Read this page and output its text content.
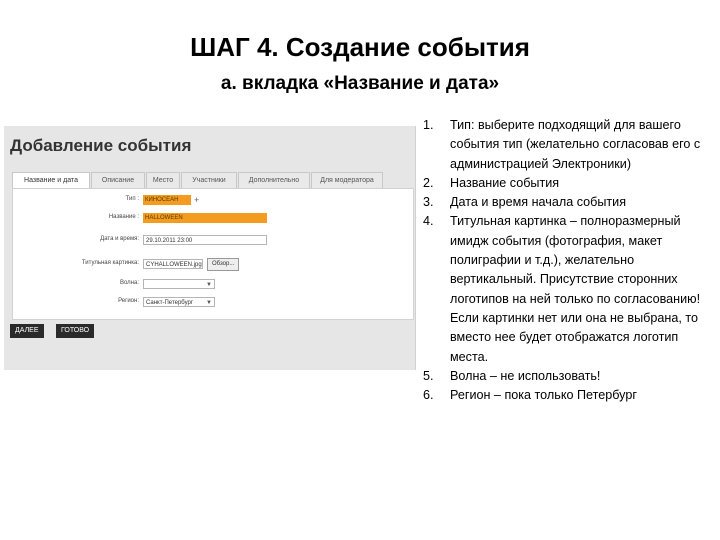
ШАГ 4. Создание события
а. вкладка «Название и дата»
Добавление события
Название и дата	Описание	Место	Участники	Дополнительно	Для модератора
Тип :	КИНОСЕАН	+
Название :	HALLOWEEN
Дата и время:	29.10.2011 23:00
Титульная картинка:	CYHALLOWEEN.jpg	Обзор...
Волна:	▼
Регион:	Санкт-Петербург ▼
ДАЛЕЕ	ГОТОВО
1. Тип: выберите подходящий для вашего события тип (желательно согласовав его с администрацией Электроники)
2. Название события
3. Дата и время начала события
4. Титульная картинка – полноразмерный имидж события (фотография, макет полиграфии и т.д.), желательно вертикальный. Присутствие сторонних логотипов на ней только по согласованию! Если картинки нет или она не выбрана, то вместо нее будет отображатся логотип места.
5. Волна – не использовать!
6. Регион – пока только Петербург
